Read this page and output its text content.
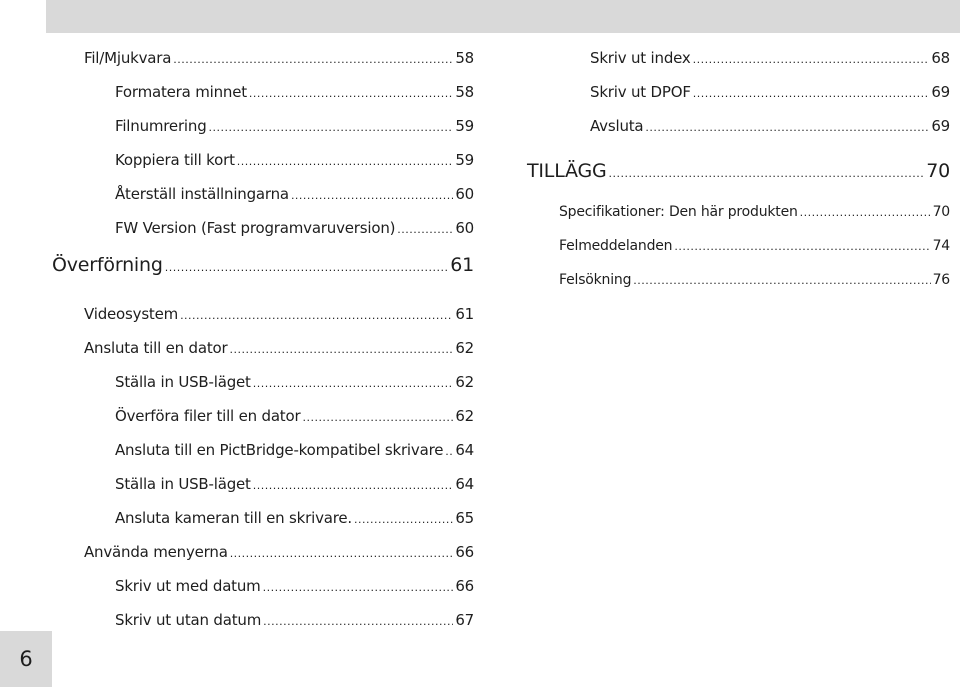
Fil/Mjukvara .....	58
Formatera minnet .....	58
Filnumrering .....	59
Koppiera till kort .....	59
Återställ inställningarna .....	60
FW Version (Fast programvaruversion) .....	60
Överförning .....	61
Videosystem .....	61
Ansluta till en dator .....	62
Ställa in USB-läget .....	62
Överföra filer till en dator .....	62
Ansluta till en PictBridge-kompatibel skrivare ..... 64
Ställa in USB-läget .....	64
Ansluta kameran till en skrivare. .....	65
Använda menyerna .....	66
Skriv ut med datum .....	66
Skriv ut utan datum .....	67
Skriv ut index .....	68
Skriv ut DPOF .....	69
Avsluta .....	69
TILLÄGG .....	70
Specifikationer: Den här produkten .....	70
Felmeddelanden .....	74
Felsökning .....	76
6
